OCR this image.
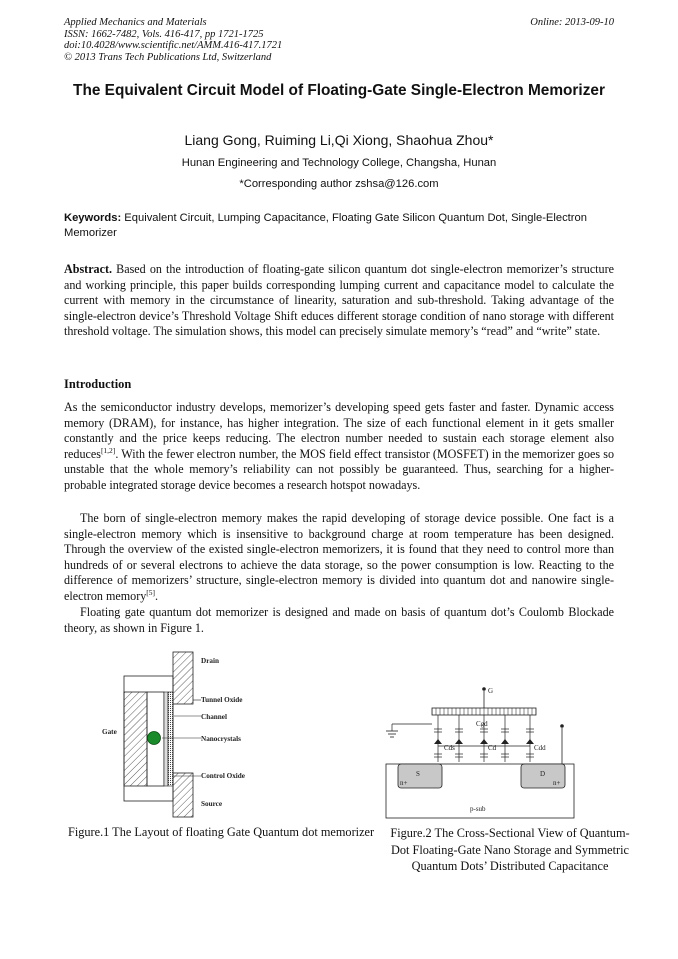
Applied Mechanics and Materials
ISSN: 1662-7482, Vols. 416-417, pp 1721-1725
doi:10.4028/www.scientific.net/AMM.416-417.1721
© 2013 Trans Tech Publications Ltd, Switzerland
Online: 2013-09-10
The Equivalent Circuit Model of Floating-Gate Single-Electron Memorizer
Liang Gong, Ruiming Li,Qi Xiong, Shaohua Zhou*
Hunan Engineering and Technology College, Changsha, Hunan
*Corresponding author zshsa@126.com
Keywords: Equivalent Circuit, Lumping Capacitance, Floating Gate Silicon Quantum Dot, Single-Electron Memorizer

Abstract. Based on the introduction of floating-gate silicon quantum dot single-electron memorizer’s structure and working principle, this paper builds corresponding lumping current and capacitance model to calculate the current with memory in the circumstance of linearity, saturation and sub-threshold. Taking advantage of the single-electron device’s Threshold Voltage Shift educes different storage condition of nano storage with different threshold voltage. The simulation shows, this model can precisely simulate memory’s “read” and “write” state.

Introduction

As the semiconductor industry develops, memorizer’s developing speed gets faster and faster. Dynamic access memory (DRAM), for instance, has higher integration. The size of each functional element in it gets smaller constantly and the price keeps reducing. The electron number needed to sustain each storage element also reduces[1,2]. With the fewer electron number, the MOS field effect transistor (MOSFET) in the memorizer goes so unstable that the whole memory’s reliability can not possibly be guaranteed. Thus, searching for a higher-probable integrated storage device becomes a research hotspot nowadays.

The born of single-electron memory makes the rapid developing of storage device possible. One fact is a single-electron memory which is insensitive to background charge at room temperature has been designed. Through the overview of the existed single-electron memorizers, it is found that they need to control more than hundreds of or several electrons to achieve the data storage, so the power consumption is low. Reacting to the difference of memorizers’ structure, single-electron memory is divided into quantum dot and nanowire single-electron memory[5].

Floating gate quantum dot memorizer is designed and made on basis of quantum dot’s Coulomb Blockade theory, as shown in Figure 1.

Drain
Tunnel Oxide
Channel
Gate
Nanocrystals
Control Oxide
Source
G
Cgd
Cds	Cd	Cdd
S	D
n+	n+
p-sub
Figure.1 The Layout of floating Gate Quantum dot memorizer Figure.2 The Cross-Sectional View of Quantum-Dot Floating-Gate Nano Storage and Symmetric Quantum Dots’ Distributed Capacitance
